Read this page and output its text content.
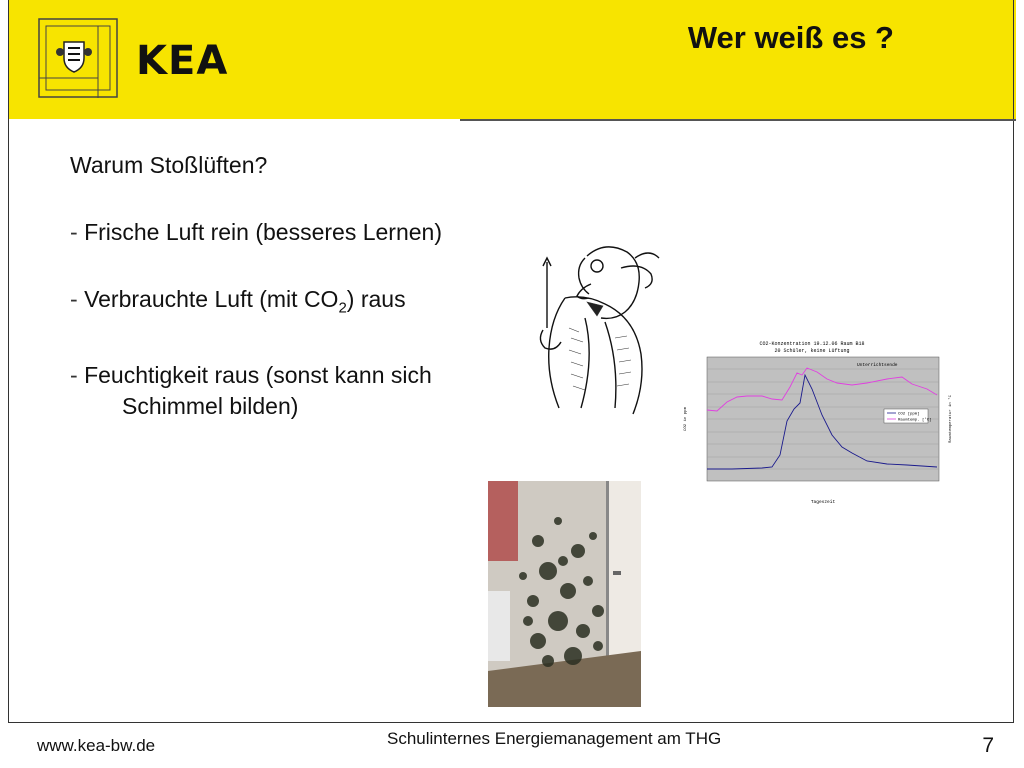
KEA
Wer weiß es ?

Warum Stoßlüften?

- Frische Luft rein (besseres Lernen)

- Verbrauchte Luft (mit $CO_2$) raus

- Feuchtigkeit raus (sonst kann sichSchimmel bilden)

CO2-Konzentration 19.12.06 Raum B18
20 Schüler, keine Lüftung
Unterrichtsende
CO2 [ppm]
Raumtemp. [°C]
Tageszeit
CO2 in ppm	Raumtemperatur in °C
www.kea-bw.de	Schulinternes Energiemanagement am THG	7
